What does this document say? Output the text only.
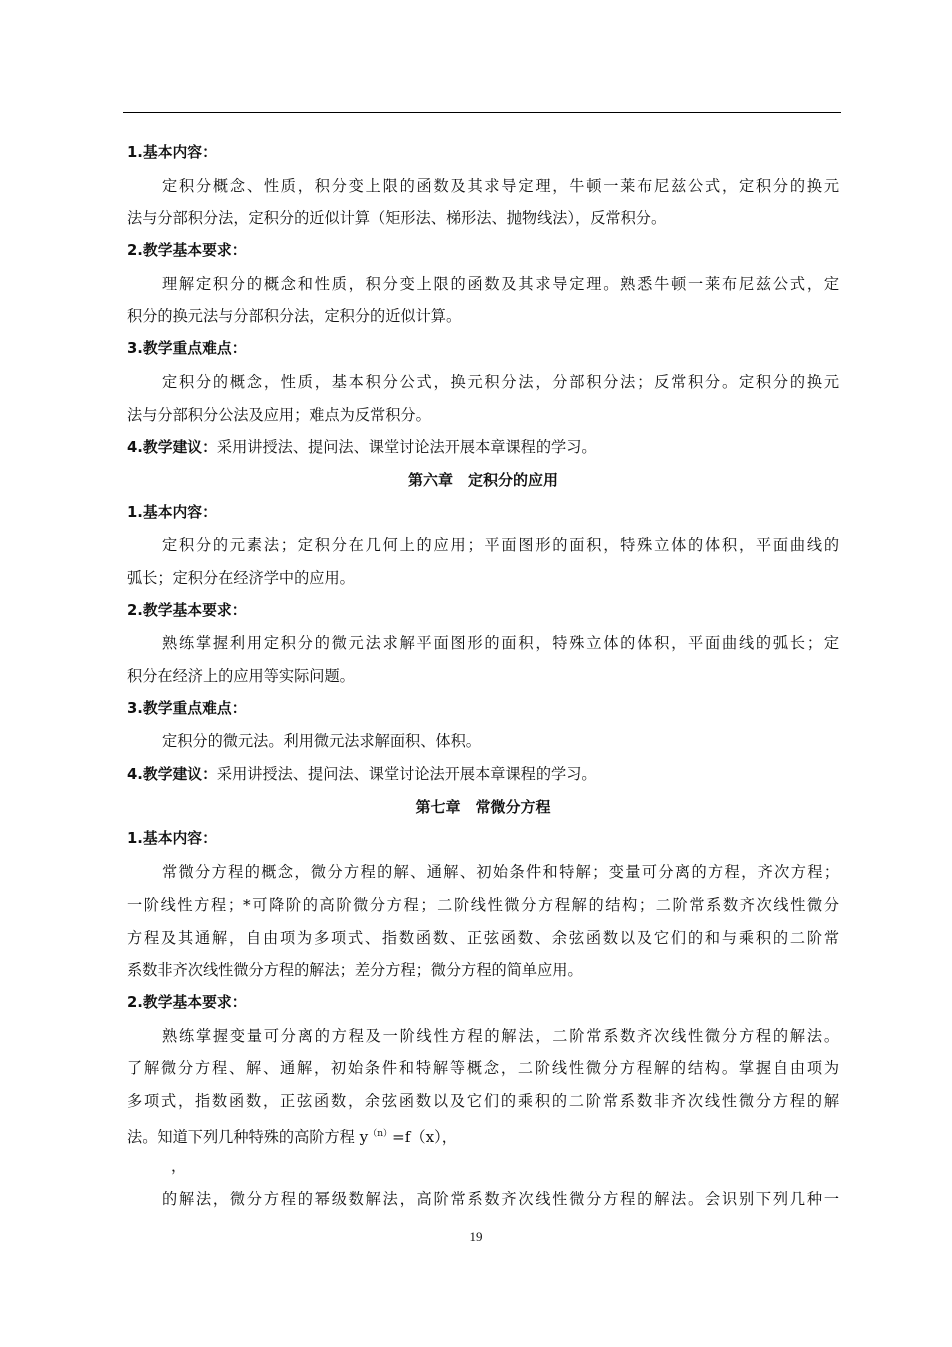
1.基本内容：
定积分概念、性质，积分变上限的函数及其求导定理，牛顿一莱布尼兹公式，定积分的换元
法与分部积分法，定积分的近似计算（矩形法、梯形法、抛物线法），反常积分。
2.教学基本要求：
理解定积分的概念和性质，积分变上限的函数及其求导定理。熟悉牛顿一莱布尼兹公式，定
积分的换元法与分部积分法，定积分的近似计算。
3.教学重点难点：
定积分的概念，性质，基本积分公式，换元积分法，分部积分法；反常积分。定积分的换元
法与分部积分公法及应用；难点为反常积分。
4.教学建议：采用讲授法、提问法、课堂讨论法开展本章课程的学习。
第六章　定积分的应用
1.基本内容：
定积分的元素法；定积分在几何上的应用；平面图形的面积，特殊立体的体积，平面曲线的
弧长；定积分在经济学中的应用。
2.教学基本要求：
熟练掌握利用定积分的微元法求解平面图形的面积，特殊立体的体积，平面曲线的弧长；定
积分在经济上的应用等实际问题。
3.教学重点难点：
定积分的微元法。利用微元法求解面积、体积。
4.教学建议：采用讲授法、提问法、课堂讨论法开展本章课程的学习。
第七章　常微分方程
1.基本内容：
常微分方程的概念，微分方程的解、通解、初始条件和特解；变量可分离的方程，齐次方程；
一阶线性方程；*可降阶的高阶微分方程；二阶线性微分方程解的结构；二阶常系数齐次线性微分
方程及其通解，自由项为多项式、指数函数、正弦函数、余弦函数以及它们的和与乘积的二阶常
系数非齐次线性微分方程的解法；差分方程；微分方程的简单应用。
2.教学基本要求：
熟练掌握变量可分离的方程及一阶线性方程的解法，二阶常系数齐次线性微分方程的解法。
了解微分方程、解、通解，初始条件和特解等概念，二阶线性微分方程解的结构。掌握自由项为
多项式，指数函数，正弦函数，余弦函数以及它们的乘积的二阶常系数非齐次线性微分方程的解
法。知道下列几种特殊的高阶方程 $y^{(n)}=f(x)$，
，
的解法，微分方程的幂级数解法，高阶常系数齐次线性微分方程的解法。会识别下列几种一
19
